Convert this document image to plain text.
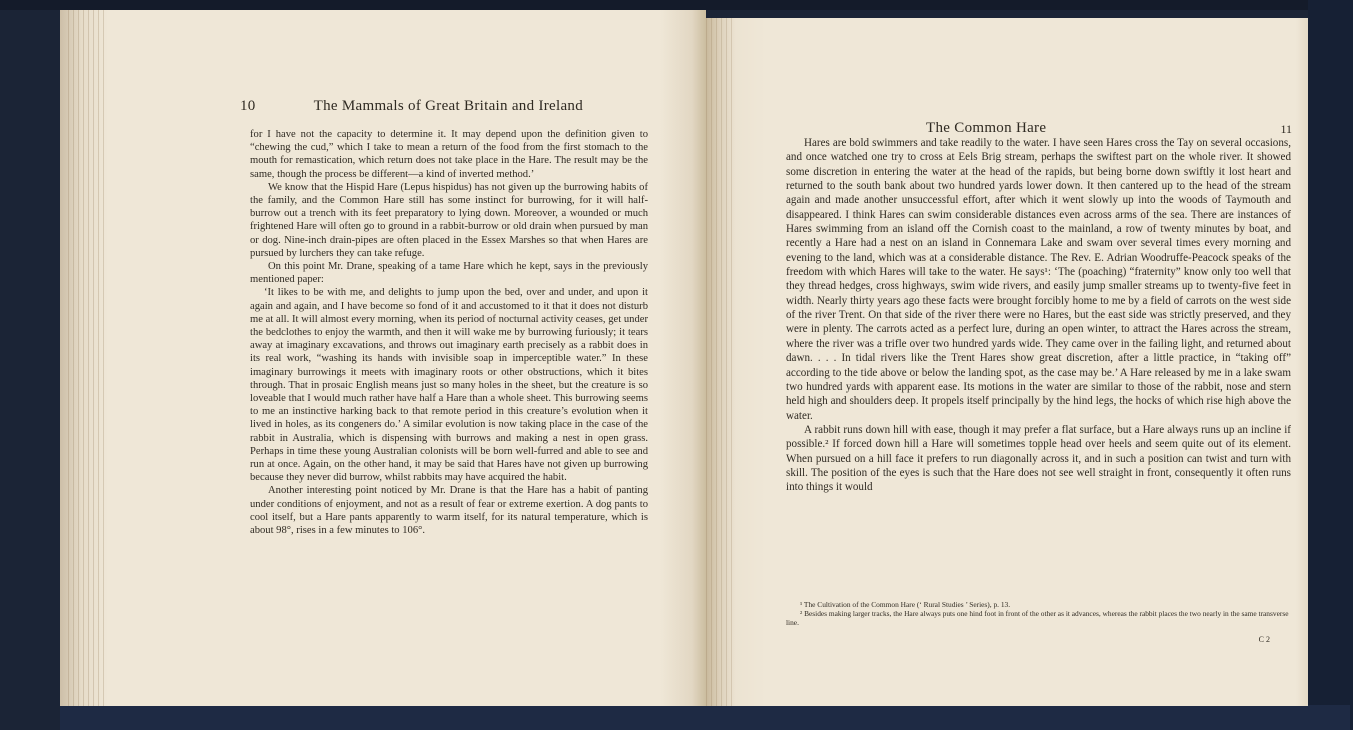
10	The Mammals of Great Britain and Ireland

for I have not the capacity to determine it. It may depend upon the definition given to “chewing the cud,” which I take to mean a return of the food from the first stomach to the mouth for remastication, which return does not take place in the Hare. The result may be the same, though the process be different—a kind of inverted method.’

We know that the Hispid Hare (Lepus hispidus) has not given up the burrowing habits of the family, and the Common Hare still has some instinct for burrowing, for it will half-burrow out a trench with its feet preparatory to lying down. Moreover, a wounded or much frightened Hare will often go to ground in a rabbit-burrow or old drain when pursued by man or dog. Nine-inch drain-pipes are often placed in the Essex Marshes so that when Hares are pursued by lurchers they can take refuge.

On this point Mr. Drane, speaking of a tame Hare which he kept, says in the previously mentioned paper:

‘It likes to be with me, and delights to jump upon the bed, over and under, and upon it again and again, and I have become so fond of it and accustomed to it that it does not disturb me at all. It will almost every morning, when its period of nocturnal activity ceases, get under the bedclothes to enjoy the warmth, and then it will wake me by burrowing furiously; it tears away at imaginary excavations, and throws out imaginary earth precisely as a rabbit does in its real work, “washing its hands with invisible soap in imperceptible water.” In these imaginary burrowings it meets with imaginary roots or other obstructions, which it bites through. That in prosaic English means just so many holes in the sheet, but the creature is so loveable that I would much rather have half a Hare than a whole sheet. This burrowing seems to me an instinctive harking back to that remote period in this creature’s evolution when it lived in holes, as its congeners do.’ A similar evolution is now taking place in the case of the rabbit in Australia, which is dispensing with burrows and making a nest in open grass. Perhaps in time these young Australian colonists will be born well-furred and able to see and run at once. Again, on the other hand, it may be said that Hares have not given up burrowing because they never did burrow, whilst rabbits may have acquired the habit.

Another interesting point noticed by Mr. Drane is that the Hare has a habit of panting under conditions of enjoyment, and not as a result of fear or extreme exertion. A dog pants to cool itself, but a Hare pants apparently to warm itself, for its natural temperature, which is about 98°, rises in a few minutes to 106°.

The Common Hare	11

Hares are bold swimmers and take readily to the water. I have seen Hares cross the Tay on several occasions, and once watched one try to cross at Eels Brig stream, perhaps the swiftest part on the whole river. It showed some discretion in entering the water at the head of the rapids, but being borne down swiftly it lost heart and returned to the south bank about two hundred yards lower down. It then cantered up to the head of the stream again and made another unsuccessful effort, after which it went slowly up into the woods of Taymouth and disappeared. I think Hares can swim considerable distances even across arms of the sea. There are instances of Hares swimming from an island off the Cornish coast to the mainland, a row of twenty minutes by boat, and recently a Hare had a nest on an island in Connemara Lake and swam over several times every morning and evening to the land, which was at a considerable distance. The Rev. E. Adrian Woodruffe-Peacock speaks of the freedom with which Hares will take to the water. He says¹: ‘The (poaching) “fraternity” know only too well that they thread hedges, cross highways, swim wide rivers, and easily jump smaller streams up to twenty-five feet in width. Nearly thirty years ago these facts were brought forcibly home to me by a field of carrots on the west side of the river Trent. On that side of the river there were no Hares, but the east side was strictly preserved, and they were in plenty. The carrots acted as a perfect lure, during an open winter, to attract the Hares across the stream, where the river was a trifle over two hundred yards wide. They came over in the failing light, and returned about dawn. . . . In tidal rivers like the Trent Hares show great discretion, after a little practice, in “taking off” according to the tide above or below the landing spot, as the case may be.’ A Hare released by me in a lake swam two hundred yards with apparent ease. Its motions in the water are similar to those of the rabbit, nose and stern held high and shoulders deep. It propels itself principally by the hind legs, the hocks of which rise high above the water.

A rabbit runs down hill with ease, though it may prefer a flat surface, but a Hare always runs up an incline if possible.² If forced down hill a Hare will sometimes topple head over heels and seem quite out of its element. When pursued on a hill face it prefers to run diagonally across it, and in such a position can twist and turn with skill. The position of the eyes is such that the Hare does not see well straight in front, consequently it often runs into things it would

¹ The Cultivation of the Common Hare (‘ Rural Studies ’ Series), p. 13.

² Besides making larger tracks, the Hare always puts one hind foot in front of the other as it advances, whereas the rabbit places the two nearly in the same transverse line.

C 2
